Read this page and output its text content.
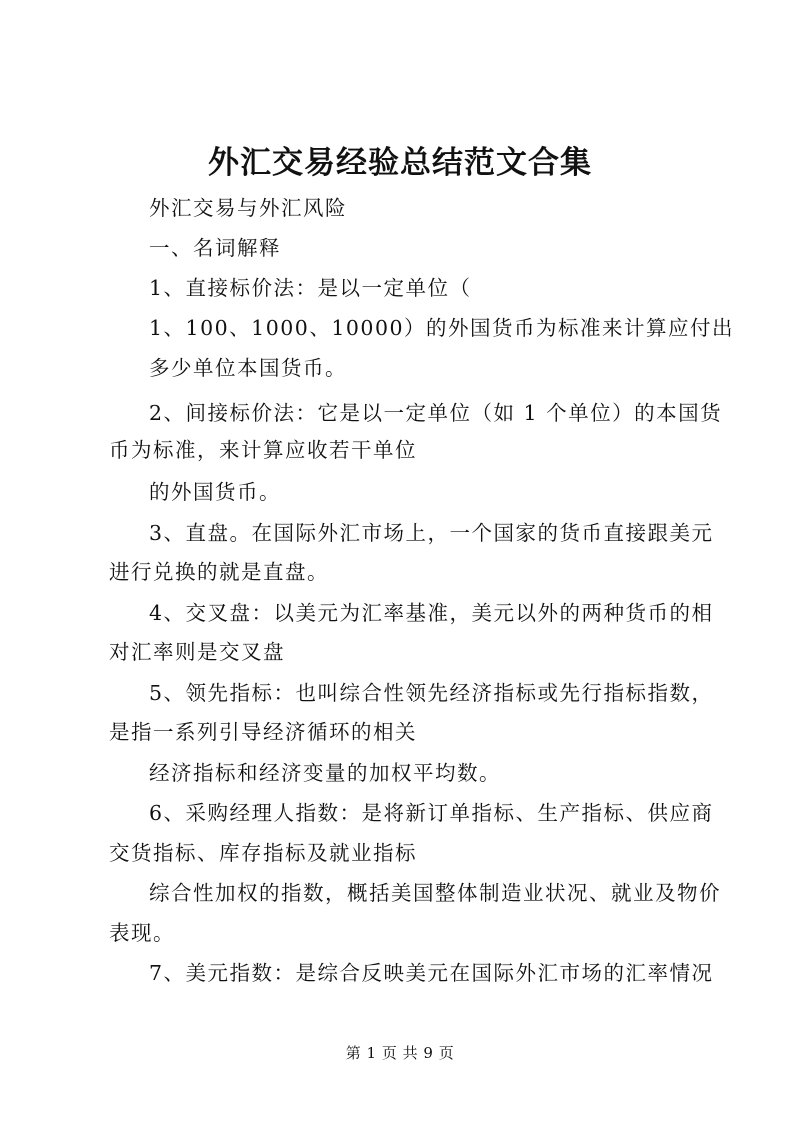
外汇交易经验总结范文合集
外汇交易与外汇风险
一、名词解释
1、直接标价法：是以一定单位（
1、100、1000、10000）的外国货币为标准来计算应付出
多少单位本国货币。
2、间接标价法：它是以一定单位（如 1 个单位）的本国货
币为标准，来计算应收若干单位
的外国货币。
3、直盘。在国际外汇市场上，一个国家的货币直接跟美元
进行兑换的就是直盘。
4、交叉盘：以美元为汇率基准，美元以外的两种货币的相
对汇率则是交叉盘
5、领先指标：也叫综合性领先经济指标或先行指标指数，
是指一系列引导经济循环的相关
经济指标和经济变量的加权平均数。
6、采购经理人指数：是将新订单指标、生产指标、供应商
交货指标、库存指标及就业指标
综合性加权的指数，概括美国整体制造业状况、就业及物价
表现。
7、美元指数：是综合反映美元在国际外汇市场的汇率情况
第 1 页 共 9 页
